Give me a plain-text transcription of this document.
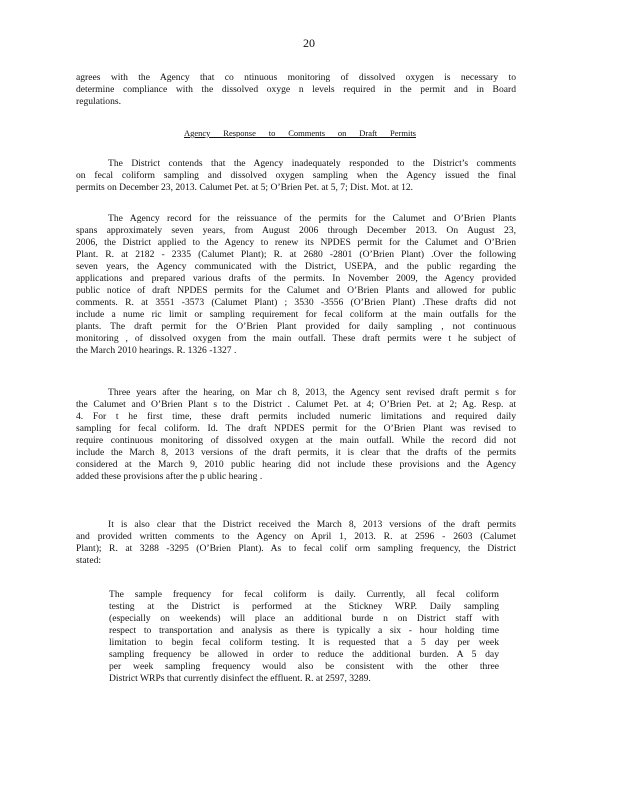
20
agrees with the Agency that co ntinuous monitoring of dissolved oxygen is necessary to
determine compliance with the dissolved oxyge n levels required in the permit and in Board
regulations.
Agency Response to Comments on Draft Permits
The District contends that the Agency inadequately responded to the District’s comments
on fecal coliform sampling and dissolved oxygen sampling when the Agency issued the final
permits on December 23, 2013. Calumet Pet. at 5; O’Brien Pet. at 5, 7; Dist. Mot. at 12.
The Agency record for the reissuance of the permits for the Calumet and O’Brien Plants
spans approximately seven years, from August 2006 through December 2013. On August 23,
2006, the District applied to the Agency to renew its NPDES permit for the Calumet and O’Brien
Plant. R. at 2182 - 2335 (Calumet Plant); R. at 2680 -2801 (O’Brien Plant) .Over the following
seven years, the Agency communicated with the District, USEPA, and the public regarding the
applications and prepared various drafts of the permits. In November 2009, the Agency provided
public notice of draft NPDES permits for the Calumet and O’Brien Plants and allowed for public
comments. R. at 3551 -3573 (Calumet Plant) ; 3530 -3556 (O’Brien Plant) .These drafts did not
include a nume ric limit or sampling requirement for fecal coliform at the main outfalls for the
plants. The draft permit for the O’Brien Plant provided for daily sampling , not continuous
monitoring , of dissolved oxygen from the main outfall. These draft permits were t he subject of
the March 2010 hearings. R. 1326 -1327 .
Three years after the hearing, on Mar ch 8, 2013, the Agency sent revised draft permit s for
the Calumet and O’Brien Plant s to the District . Calumet Pet. at 4; O’Brien Pet. at 2; Ag. Resp. at
4. For t he first time, these draft permits included numeric limitations and required daily
sampling for fecal coliform. Id. The draft NPDES permit for the O’Brien Plant was revised to
require continuous monitoring of dissolved oxygen at the main outfall. While the record did not
include the March 8, 2013 versions of the draft permits, it is clear that the drafts of the permits
considered at the March 9, 2010 public hearing did not include these provisions and the Agency
added these provisions after the p ublic hearing .
It is also clear that the District received the March 8, 2013 versions of the draft permits
and provided written comments to the Agency on April 1, 2013. R. at 2596 - 2603 (Calumet
Plant); R. at 3288 -3295 (O’Brien Plant). As to fecal colif orm sampling frequency, the District
stated:
The sample frequency for fecal coliform is daily. Currently, all fecal coliform
testing at the District is performed at the Stickney WRP. Daily sampling
(especially on weekends) will place an additional burde n on District staff with
respect to transportation and analysis as there is typically a six - hour holding time
limitation to begin fecal coliform testing. It is requested that a 5 day per week
sampling frequency be allowed in order to reduce the additional burden. A 5 day
per week sampling frequency would also be consistent with the other three
District WRPs that currently disinfect the effluent. R. at 2597, 3289.
